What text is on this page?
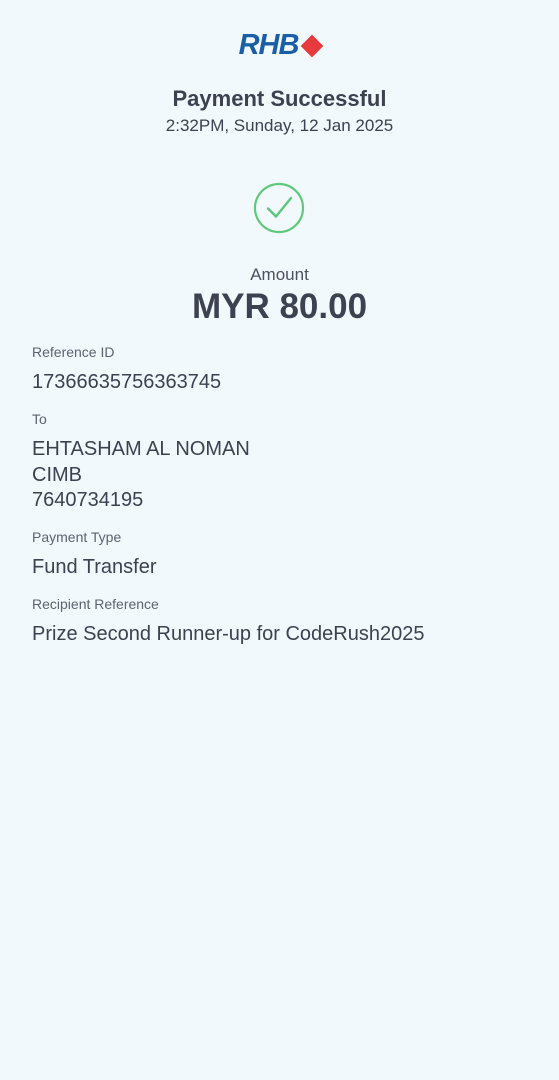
RHB
Payment Successful
2:32PM, Sunday, 12 Jan 2025
Amount
MYR 80.00
Reference ID
17366635756363745
To
EHTASHAM AL NOMAN
CIMB
7640734195
Payment Type
Fund Transfer
Recipient Reference
Prize Second Runner-up for CodeRush2025
